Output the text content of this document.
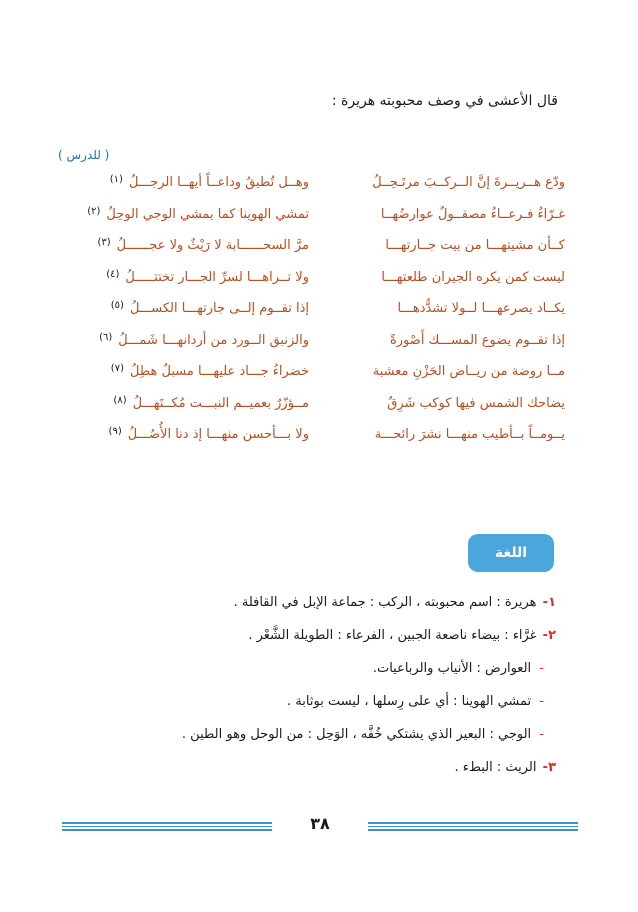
قال الأعشى في وصف محبوبته هريرة :
( للدرس )
ودّع هــريــرةَ إنَّ الــركــبَ مرتَـحِــلُ
وهــل تُطيقُ وداعــاً أيهــا الرجـــلُ$^{(١)}$
غـرّاءُ فـرعــاءُ مصقــولٌ عوارضُهــا
تمشي الهوينا كما يمشي الوجي الوحِلُ$^{(٢)}$
كــأن مشيتهـــا من بيت جــارتهـــا
مرَّ السحــــــابة لا رَيْثٌ ولا عجــــــلُ$^{(٣)}$
ليست كمن يكره الجيران طلعتهـــا
ولا تــراهـــا لسرِّ الجـــار تختتـــــلُ$^{(٤)}$
يكــاد يصرعهـــا لــولا تشدُّدهـــا
إذا تقــوم إلــى جارتهـــا الكســـلُ$^{(٥)}$
إذا تقــوم يضوع المســـك أَصْورةً
والزنبق الــورد من أردانهـــا شَمـــلُ$^{(٦)}$
مــا روضة من ريــاض الحَزْنِ معشبة
خضراءُ جـــاد عليهـــا مسبلٌ هطِلُ$^{(٧)}$
يضاحك الشمس فيها كوكب شَرِقٌ
مــؤزّرٌ بعميــم النبـــت مُكــتَهـــلُ$^{(٨)}$
يــومــاً بــأطيب منهـــا نشرَ رائحـــة
ولا بـــأحسن منهـــا إذ دنا الأُصُـــلُ$^{(٩)}$
اللغة
١- هريرة : اسم محبوبته ، الركب : جماعة الإبل في القافلة .
٢- غرَّاء : بيضاء ناصعة الجبين ، الفرعاء : الطويلة الشَّعْر .
- العوارض : الأنياب والرباعيات.
- تمشي الهوينا : أي على رِسلها ، ليست بوثابة .
- الوجي : البعير الذي يشتكي خُفَّه ، الوَحِل : من الوحل وهو الطين .
٣- الريث : البطء .
٣٨
